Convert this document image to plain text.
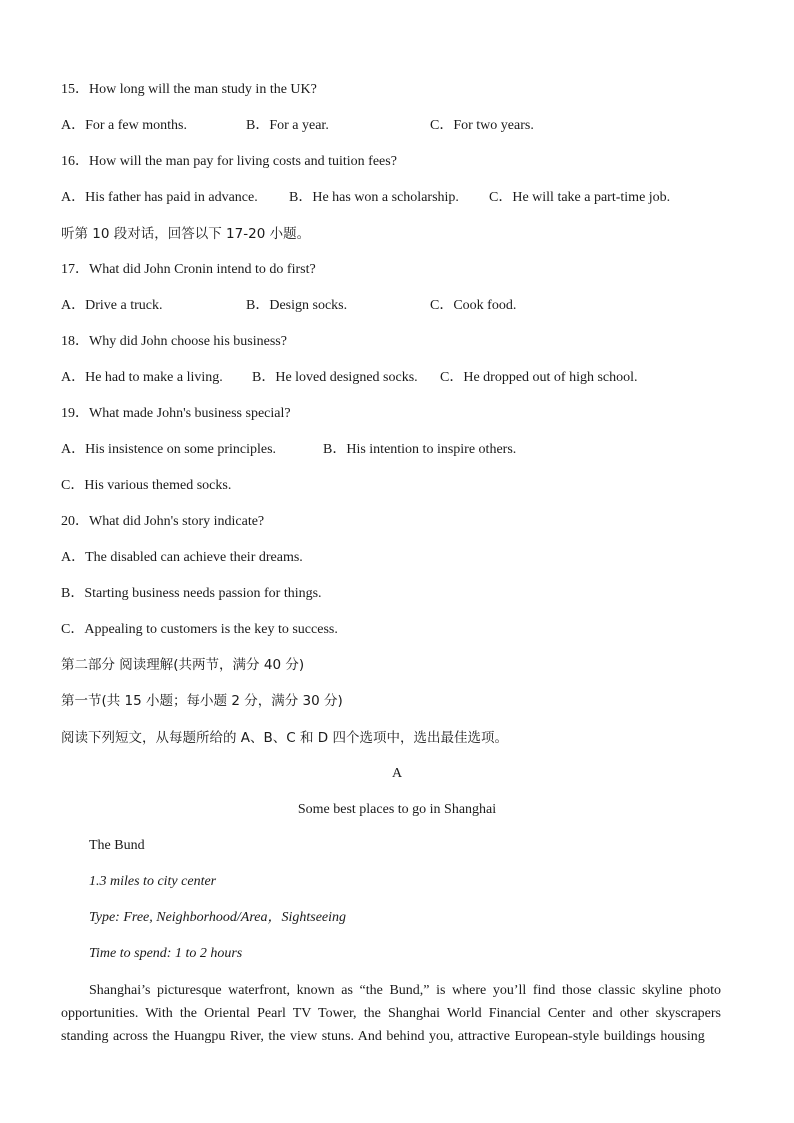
15．How long will the man study in the UK?
A．For a few months.	B．For a year.	C．For two years.
16．How will the man pay for living costs and tuition fees?
A．His father has paid in advance. B．He has won a scholarship. C．He will take a part-time job.
听第 10 段对话，回答以下 17-20 小题。
17．What did John Cronin intend to do first?
A．Drive a truck.	B．Design socks.	C．Cook food.
18．Why did John choose his business?
A．He had to make a living. B．He loved designed socks. C．He dropped out of high school.
19．What made John's business special?
A．His insistence on some principles.	B．His intention to inspire others.
C．His various themed socks.
20．What did John's story indicate?
A．The disabled can achieve their dreams.
B．Starting business needs passion for things.
C．Appealing to customers is the key to success.
第二部分 阅读理解(共两节，满分 40 分)
第一节(共 15 小题；每小题 2 分，满分 30 分)
阅读下列短文，从每题所给的 A、B、C 和 D 四个选项中，选出最佳选项。
A
Some best places to go in Shanghai
The Bund
1.3 miles to city center
Type: Free, Neighborhood/Area，Sightseeing
Time to spend: 1 to 2 hours
Shanghai’s picturesque waterfront, known as “the Bund,” is where you’ll find those classic skyline photo opportunities. With the Oriental Pearl TV Tower, the Shanghai World Financial Center and other skyscrapers standing across the Huangpu River, the view stuns. And behind you, attractive European-style buildings housing
